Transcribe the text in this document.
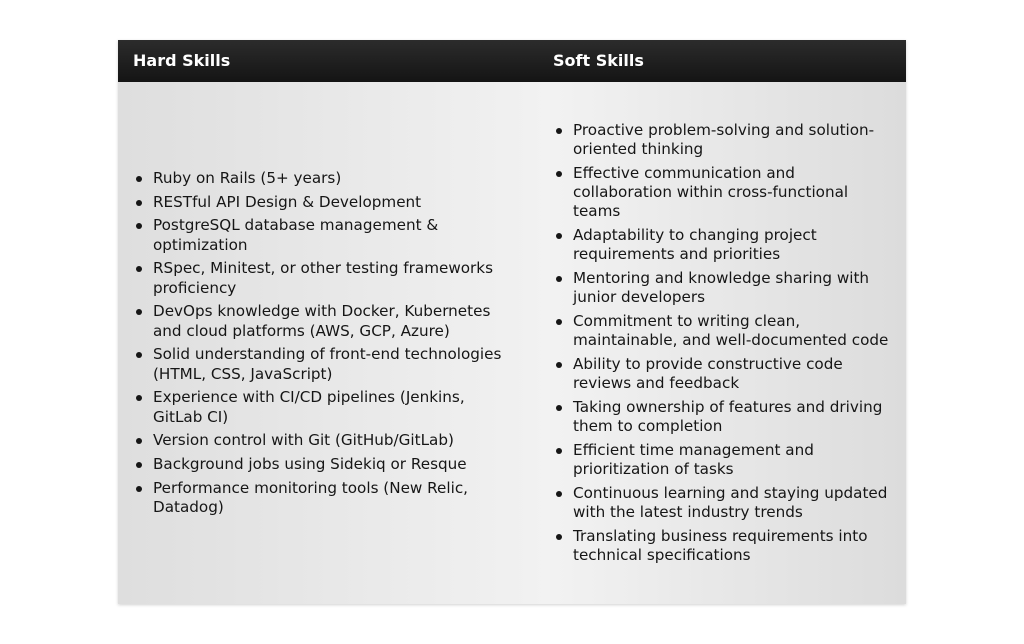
Hard Skills	Soft Skills
Ruby on Rails (5+ years)
RESTful API Design & Development
PostgreSQL database management & optimization
RSpec, Minitest, or other testing frameworks proficiency
DevOps knowledge with Docker, Kubernetes and cloud platforms (AWS, GCP, Azure)
Solid understanding of front-end technologies (HTML, CSS, JavaScript)
Experience with CI/CD pipelines (Jenkins, GitLab CI)
Version control with Git (GitHub/GitLab)
Background jobs using Sidekiq or Resque
Performance monitoring tools (New Relic, Datadog)
Proactive problem-solving and solution-oriented thinking
Effective communication and collaboration within cross-functional teams
Adaptability to changing project requirements and priorities
Mentoring and knowledge sharing with junior developers
Commitment to writing clean, maintainable, and well-documented code
Ability to provide constructive code reviews and feedback
Taking ownership of features and driving them to completion
Efficient time management and prioritization of tasks
Continuous learning and staying updated with the latest industry trends
Translating business requirements into technical specifications
